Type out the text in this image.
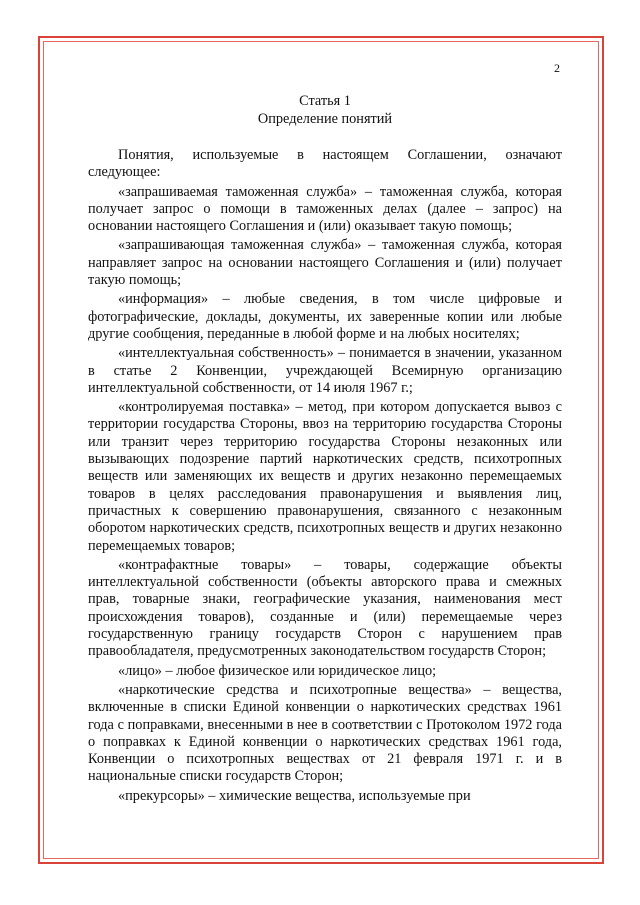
2
Статья 1
Определение понятий

Понятия, используемые в настоящем Соглашении, означают следующее:

«запрашиваемая таможенная служба» – таможенная служба, которая получает запрос о помощи в таможенных делах (далее – запрос) на основании настоящего Соглашения и (или) оказывает такую помощь;

«запрашивающая таможенная служба» – таможенная служба, которая направляет запрос на основании настоящего Соглашения и (или) получает такую помощь;

«информация» – любые сведения, в том числе цифровые и фотографические, доклады, документы, их заверенные копии или любые другие сообщения, переданные в любой форме и на любых носителях;

«интеллектуальная собственность» – понимается в значении, указанном в статье 2 Конвенции, учреждающей Всемирную организацию интеллектуальной собственности, от 14 июля 1967 г.;

«контролируемая поставка» – метод, при котором допускается вывоз с территории государства Стороны, ввоз на территорию государства Стороны или транзит через территорию государства Стороны незаконных или вызывающих подозрение партий наркотических средств, психотропных веществ или заменяющих их веществ и других незаконно перемещаемых товаров в целях расследования правонарушения и выявления лиц, причастных к совершению правонарушения, связанного с незаконным оборотом наркотических средств, психотропных веществ и других незаконно перемещаемых товаров;

«контрафактные товары» – товары, содержащие объекты интеллектуальной собственности (объекты авторского права и смежных прав, товарные знаки, географические указания, наименования мест происхождения товаров), созданные и (или) перемещаемые через государственную границу государств Сторон с нарушением прав правообладателя, предусмотренных законодательством государств Сторон;

«лицо» – любое физическое или юридическое лицо;

«наркотические средства и психотропные вещества» – вещества, включенные в списки Единой конвенции о наркотических средствах 1961 года с поправками, внесенными в нее в соответствии с Протоколом 1972 года о поправках к Единой конвенции о наркотических средствах 1961 года, Конвенции о психотропных веществах от 21 февраля 1971 г. и в национальные списки государств Сторон;

«прекурсоры» – химические вещества, используемые при
